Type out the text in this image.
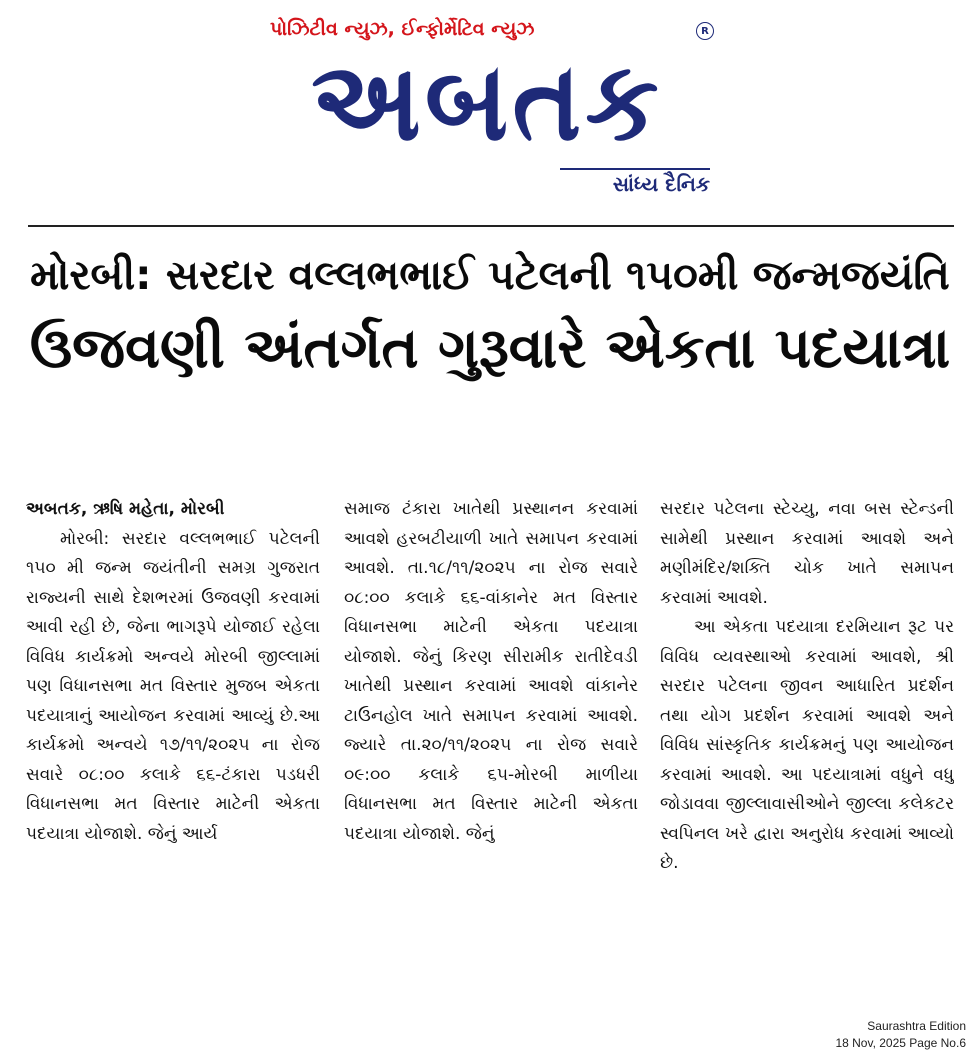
પોઝિટીવ ન્યુઝ, ઈન્ફોર્મેટિવ ન્યુઝ	R
અબતક
સાંધ્ય દૈનિક
મોરબી: સરદાર વલ્લભભાઈ પટેલની ૧૫૦મી જન્મજયંતિ
ઉજવણી અંતર્ગત ગુરૂવારે એકતા પદયાત્રા
અબતક, ઋષિ મહેતા, મોરબી

મોરબી: સરદાર વલ્લભભાઈ પટેલની ૧૫૦ મી જન્મ જયંતીની સમગ્ર ગુજરાત રાજ્યની સાથે દેશભરમાં ઉજવણી કરવામાં આવી રહી છે, જેના ભાગરૂપે યોજાઈ રહેલા વિવિધ કાર્યક્રમો અન્વયે મોરબી જીલ્લામાં પણ વિધાનસભા મત વિસ્તાર મુજબ એકતા પદયાત્રાનું આયોજન કરવામાં આવ્યું છે.આ કાર્યક્રમો અન્વયે ૧૭/૧૧/૨૦૨૫ ના રોજ સવારે ૦૮:૦૦ કલાકે ૬૬-ટંકારા પડધરી વિધાનસભા મત વિસ્તાર માટેની એકતા પદયાત્રા યોજાશે. જેનું આર્ય

સમાજ ટંકારા ખાતેથી પ્રસ્થાનન કરવામાં આવશે હરબટીયાળી ખાતે સમાપન કરવામાં આવશે. તા.૧૮/૧૧/૨૦૨૫ ના રોજ સવારે ૦૮:૦૦ કલાકે ૬૬-વાંકાનેર મત વિસ્તાર વિધાનસભા માટેની એકતા પદયાત્રા યોજાશે. જેનું કિરણ સીરામીક રાતીદેવડી ખાતેથી પ્રસ્થાન કરવામાં આવશે વાંકાનેર ટાઉનહોલ ખાતે સમાપન કરવામાં આવશે. જ્યારે તા.૨૦/૧૧/૨૦૨૫ ના રોજ સવારે ૦૯:૦૦ કલાકે ૬૫-મોરબી માળીયા વિધાનસભા મત વિસ્તાર માટેની એકતા પદયાત્રા યોજાશે. જેનું

સરદાર પટેલના સ્ટેચ્યુ, નવા બસ સ્ટેન્ડની સામેથી પ્રસ્થાન કરવામાં આવશે અને મણીમંદિર/શક્તિ ચોક ખાતે સમાપન કરવામાં આવશે.

આ એકતા પદયાત્રા દરમિયાન રૂટ પર વિવિધ વ્યવસ્થાઓ કરવામાં આવશે, શ્રી સરદાર પટેલના જીવન આધારિત પ્રદર્શન તથા યોગ પ્રદર્શન કરવામાં આવશે અને વિવિધ સાંસ્કૃતિક કાર્યક્રમનું પણ આયોજન કરવામાં આવશે. આ પદયાત્રામાં વધુને વધુ જોડાવવા જીલ્લાવાસીઓને જીલ્લા કલેકટર સ્વપિનલ ખરે દ્વારા અનુરોધ કરવામાં આવ્યો છે.

Saurashtra Edition
18 Nov, 2025 Page No.6
